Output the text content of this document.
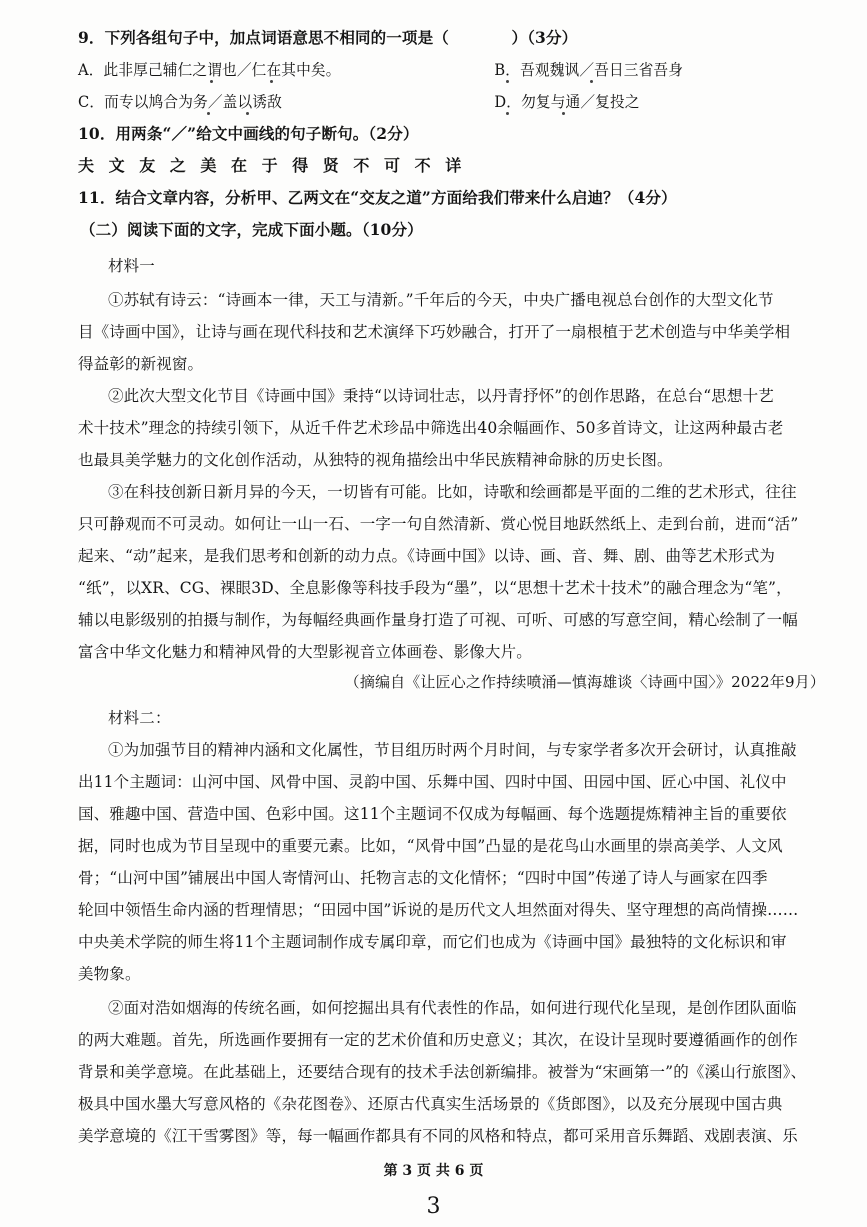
9．下列各组句子中，加点词语意思不相同的一项是（　　　　）（3分）
A．此非厚己辅仁之谓也／仁在其中矣。	B．吾观魏讽／吾日三省吾身
C．而专以鸠合为务／盖以诱敌	D．勿复与通／复投之
10．用两条“／”给文中画线的句子断句。（2分）
夫文友之美在于得贤不可不详
11．结合文章内容，分析甲、乙两文在“交友之道”方面给我们带来什么启迪？（4分）
（二）阅读下面的文字，完成下面小题。（10分）
材料一
①苏轼有诗云：“诗画本一律，天工与清新。”千年后的今天，中央广播电视总台创作的大型文化节
目《诗画中国》，让诗与画在现代科技和艺术演绎下巧妙融合，打开了一扇根植于艺术创造与中华美学相
得益彰的新视窗。
②此次大型文化节目《诗画中国》秉持“以诗词壮志，以丹青抒怀”的创作思路，在总台“思想十艺
术十技术”理念的持续引领下，从近千件艺术珍品中筛选出40余幅画作、50多首诗文，让这两种最古老
也最具美学魅力的文化创作活动，从独特的视角描绘出中华民族精神命脉的历史长图。
③在科技创新日新月异的今天，一切皆有可能。比如，诗歌和绘画都是平面的二维的艺术形式，往往
只可静观而不可灵动。如何让一山一石、一字一句自然清新、赏心悦目地跃然纸上、走到台前，进而“活”
起来、“动”起来，是我们思考和创新的动力点。《诗画中国》以诗、画、音、舞、剧、曲等艺术形式为
“纸”，以XR、CG、裸眼3D、全息影像等科技手段为“墨”，以“思想十艺术十技术”的融合理念为“笔”，
辅以电影级别的拍摄与制作，为每幅经典画作量身打造了可视、可听、可感的写意空间，精心绘制了一幅
富含中华文化魅力和精神风骨的大型影视音立体画卷、影像大片。
（摘编自《让匠心之作持续喷涌—慎海雄谈〈诗画中国〉》2022年9月）
材料二：
①为加强节目的精神内涵和文化属性，节目组历时两个月时间，与专家学者多次开会研讨，认真推敲
出11个主题词：山河中国、风骨中国、灵韵中国、乐舞中国、四时中国、田园中国、匠心中国、礼仪中
国、雅趣中国、营造中国、色彩中国。这11个主题词不仅成为每幅画、每个选题提炼精神主旨的重要依
据，同时也成为节目呈现中的重要元素。比如，“风骨中国”凸显的是花鸟山水画里的崇高美学、人文风
骨；“山河中国”铺展出中国人寄情河山、托物言志的文化情怀；“四时中国”传递了诗人与画家在四季
轮回中领悟生命内涵的哲理情思；“田园中国”诉说的是历代文人坦然面对得失、坚守理想的高尚情操……
中央美术学院的师生将11个主题词制作成专属印章，而它们也成为《诗画中国》最独特的文化标识和审
美物象。
②面对浩如烟海的传统名画，如何挖掘出具有代表性的作品，如何进行现代化呈现，是创作团队面临
的两大难题。首先，所选画作要拥有一定的艺术价值和历史意义；其次，在设计呈现时要遵循画作的创作
背景和美学意境。在此基础上，还要结合现有的技术手法创新编排。被誉为“宋画第一”的《溪山行旅图》、
极具中国水墨大写意风格的《杂花图卷》、还原古代真实生活场景的《货郎图》，以及充分展现中国古典
美学意境的《江干雪雾图》等，每一幅画作都具有不同的风格和特点，都可采用音乐舞蹈、戏剧表演、乐
第 3 页 共 6 页
3
